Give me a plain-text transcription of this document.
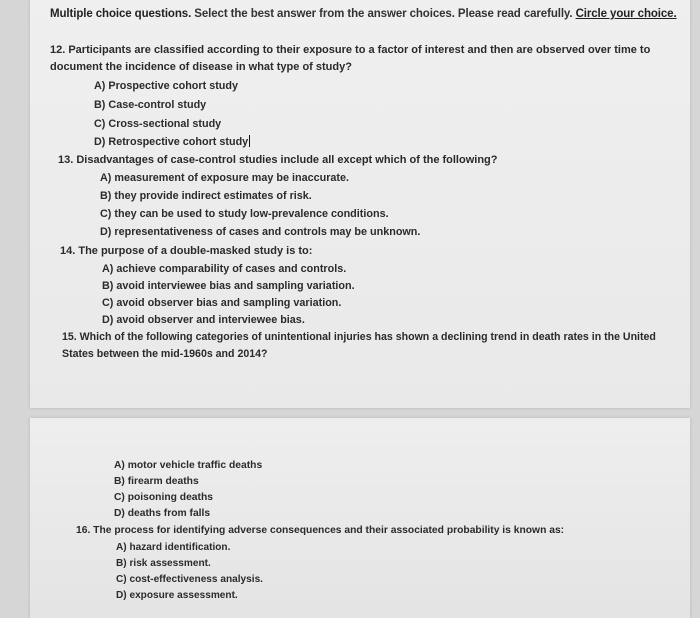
Multiple choice questions. Select the best answer from the answer choices. Please read carefully. Circle your choice.
12. Participants are classified according to their exposure to a factor of interest and then are observed over time to
document the incidence of disease in what type of study?
A) Prospective cohort study
B) Case-control study
C) Cross-sectional study
D) Retrospective cohort study
13. Disadvantages of case-control studies include all except which of the following?
A) measurement of exposure may be inaccurate.
B) they provide indirect estimates of risk.
C) they can be used to study low-prevalence conditions.
D) representativeness of cases and controls may be unknown.
14. The purpose of a double-masked study is to:
A) achieve comparability of cases and controls.
B) avoid interviewee bias and sampling variation.
C) avoid observer bias and sampling variation.
D) avoid observer and interviewee bias.
15. Which of the following categories of unintentional injuries has shown a declining trend in death rates in the United
States between the mid-1960s and 2014?
A) motor vehicle traffic deaths
B) firearm deaths
C) poisoning deaths
D) deaths from falls
16. The process for identifying adverse consequences and their associated probability is known as:
A) hazard identification.
B) risk assessment.
C) cost-effectiveness analysis.
D) exposure assessment.
